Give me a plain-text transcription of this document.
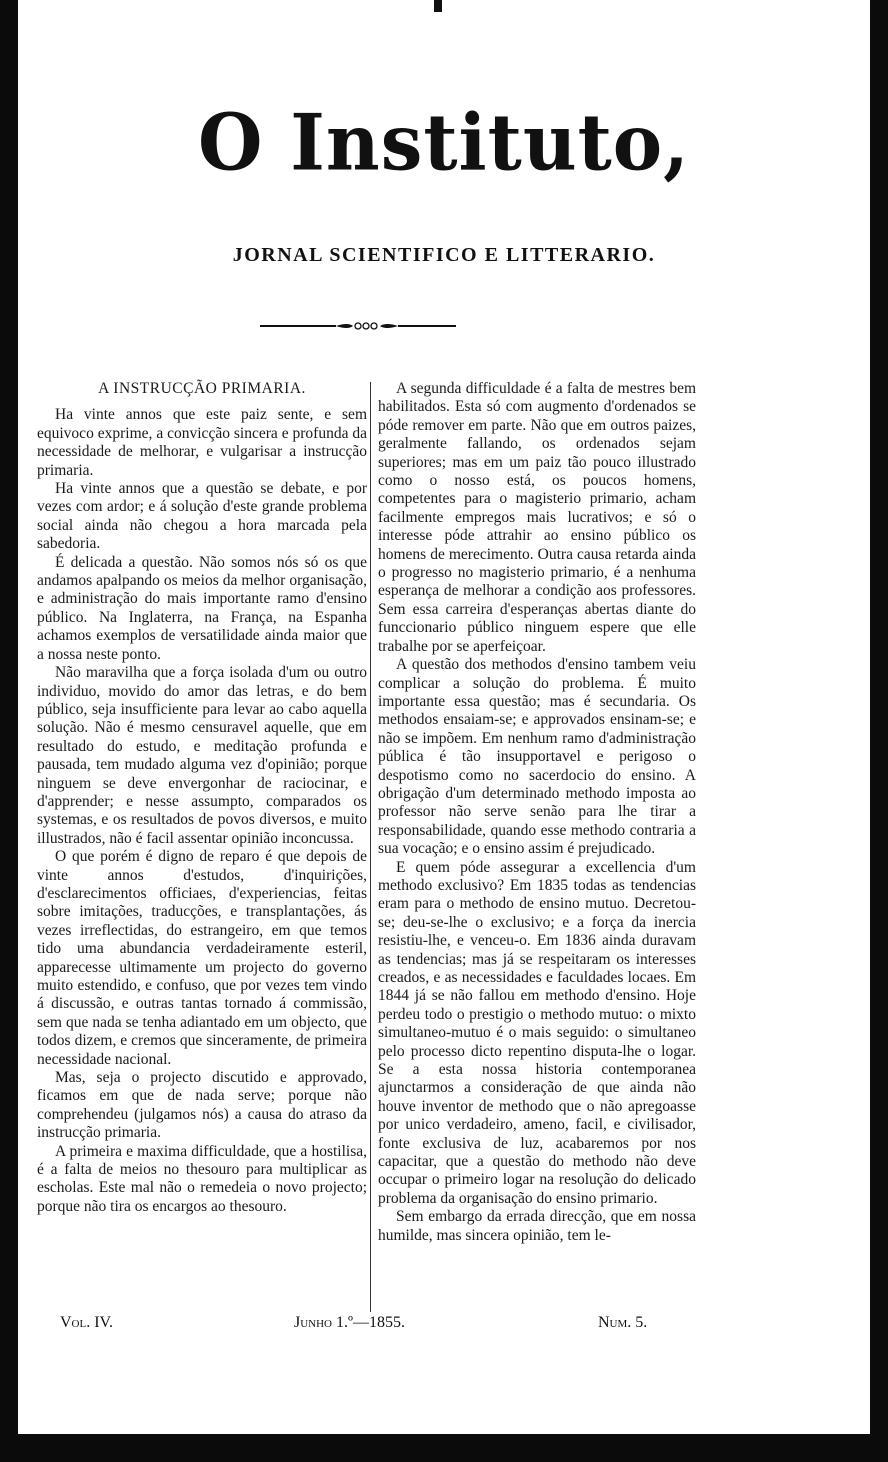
O Instituto,
JORNAL SCIENTIFICO E LITTERARIO.
A INSTRUCÇÃO PRIMARIA.

Ha vinte annos que este paiz sente, e sem equivoco exprime, a convicção sincera e profunda da necessidade de melhorar, e vulgarisar a instrucção primaria.

Ha vinte annos que a questão se debate, e por vezes com ardor; e á solução d'este grande problema social ainda não chegou a hora marcada pela sabedoria.

É delicada a questão. Não somos nós só os que andamos apalpando os meios da melhor organisação, e administração do mais importante ramo d'ensino público. Na Inglaterra, na França, na Espanha achamos exemplos de versatilidade ainda maior que a nossa neste ponto.

Não maravilha que a força isolada d'um ou outro individuo, movido do amor das letras, e do bem público, seja insufficiente para levar ao cabo aquella solução. Não é mesmo censuravel aquelle, que em resultado do estudo, e meditação profunda e pausada, tem mudado alguma vez d'opinião; porque ninguem se deve envergonhar de raciocinar, e d'apprender; e nesse assumpto, comparados os systemas, e os resultados de povos diversos, e muito illustrados, não é facil assentar opinião inconcussa.

O que porém é digno de reparo é que depois de vinte annos d'estudos, d'inquirições, d'esclarecimentos officiaes, d'experiencias, feitas sobre imitações, traducções, e transplantações, ás vezes irreflectidas, do estrangeiro, em que temos tido uma abundancia verdadeiramente esteril, apparecesse ultimamente um projecto do governo muito estendido, e confuso, que por vezes tem vindo á discussão, e outras tantas tornado á commissão, sem que nada se tenha adiantado em um objecto, que todos dizem, e cremos que sinceramente, de primeira necessidade nacional.

Mas, seja o projecto discutido e approvado, ficamos em que de nada serve; porque não comprehendeu (julgamos nós) a causa do atraso da instrucção primaria.

A primeira e maxima difficuldade, que a hostilisa, é a falta de meios no thesouro para multiplicar as escholas. Este mal não o remedeia o novo projecto; porque não tira os encargos ao thesouro.

A segunda difficuldade é a falta de mestres bem habilitados. Esta só com augmento d'ordenados se póde remover em parte. Não que em outros paizes, geralmente fallando, os ordenados sejam superiores; mas em um paiz tão pouco illustrado como o nosso está, os poucos homens, competentes para o magisterio primario, acham facilmente empregos mais lucrativos; e só o interesse póde attrahir ao ensino público os homens de merecimento. Outra causa retarda ainda o progresso no magisterio primario, é a nenhuma esperança de melhorar a condição aos professores. Sem essa carreira d'esperanças abertas diante do funccionario público ninguem espere que elle trabalhe por se aperfeiçoar.

A questão dos methodos d'ensino tambem veiu complicar a solução do problema. É muito importante essa questão; mas é secundaria. Os methodos ensaiam-se; e approvados ensinam-se; e não se impõem. Em nenhum ramo d'administração pública é tão insupportavel e perigoso o despotismo como no sacerdocio do ensino. A obrigação d'um determinado methodo imposta ao professor não serve senão para lhe tirar a responsabilidade, quando esse methodo contraria a sua vocação; e o ensino assim é prejudicado.

E quem póde assegurar a excellencia d'um methodo exclusivo? Em 1835 todas as tendencias eram para o methodo de ensino mutuo. Decretou-se; deu-se-lhe o exclusivo; e a força da inercia resistiu-lhe, e venceu-o. Em 1836 ainda duravam as tendencias; mas já se respeitaram os interesses creados, e as necessidades e faculdades locaes. Em 1844 já se não fallou em methodo d'ensino. Hoje perdeu todo o prestigio o methodo mutuo: o mixto simultaneo-mutuo é o mais seguido: o simultaneo pelo processo dicto repentino disputa-lhe o logar. Se a esta nossa historia contemporanea ajunctarmos a consideração de que ainda não houve inventor de methodo que o não apregoasse por unico verdadeiro, ameno, facil, e civilisador, fonte exclusiva de luz, acabaremos por nos capacitar, que a questão do methodo não deve occupar o primeiro logar na resolução do delicado problema da organisação do ensino primario.

Sem embargo da errada direcção, que em nossa humilde, mas sincera opinião, tem le-

Vol. IV.	Junho 1.º—1855.	Num. 5.
